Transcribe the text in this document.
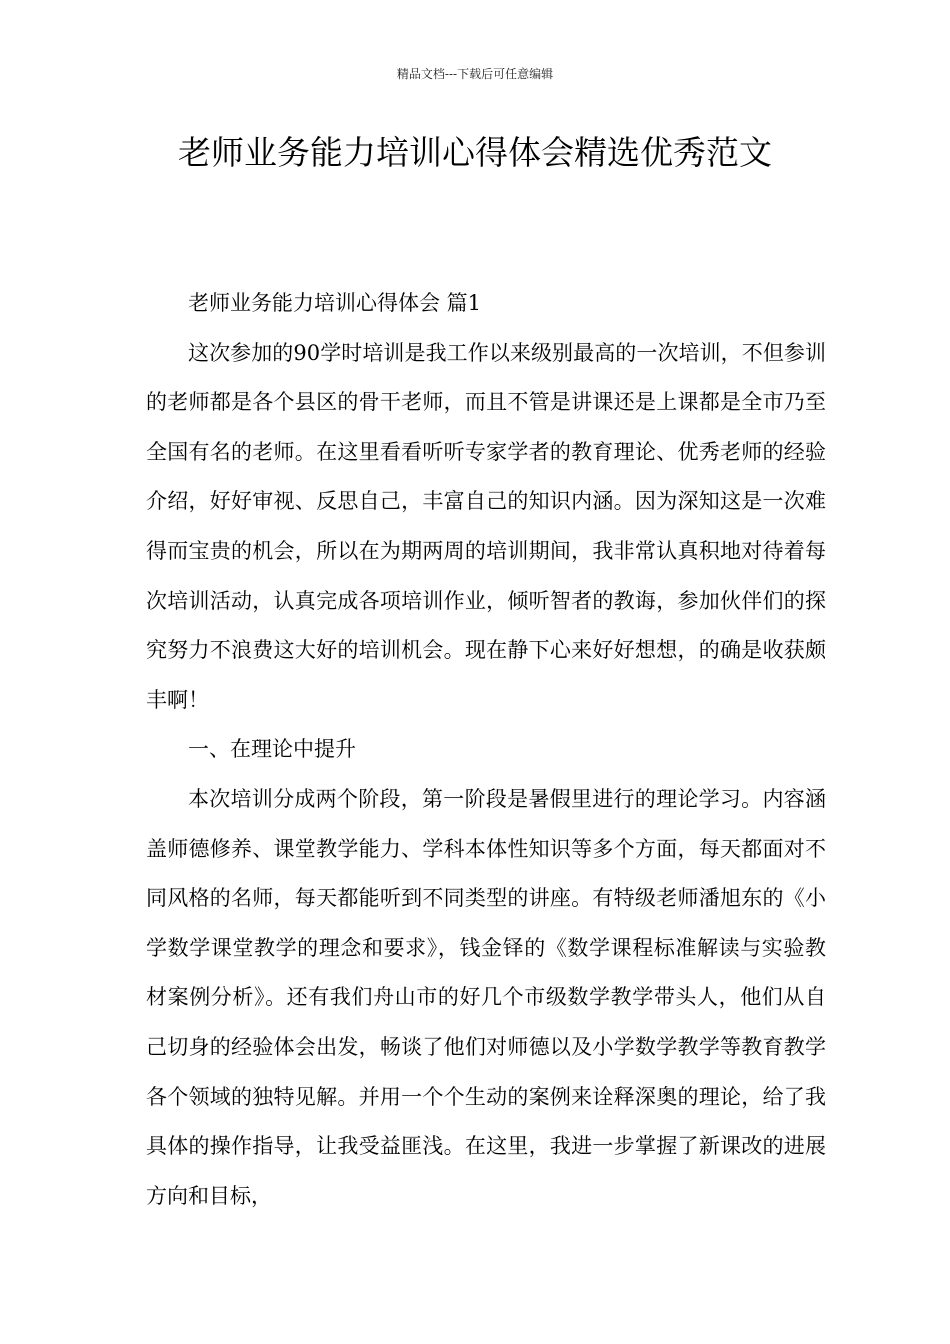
精品文档---下载后可任意编辑
老师业务能力培训心得体会精选优秀范文

老师业务能力培训心得体会 篇1

这次参加的90学时培训是我工作以来级别最高的一次培训，不但参训的老师都是各个县区的骨干老师，而且不管是讲课还是上课都是全市乃至全国有名的老师。在这里看看听听专家学者的教育理论、优秀老师的经验介绍，好好审视、反思自己，丰富自己的知识内涵。因为深知这是一次难得而宝贵的机会，所以在为期两周的培训期间，我非常认真积地对待着每次培训活动，认真完成各项培训作业，倾听智者的教诲，参加伙伴们的探究努力不浪费这大好的培训机会。现在静下心来好好想想，的确是收获颇丰啊！

一、在理论中提升

本次培训分成两个阶段，第一阶段是暑假里进行的理论学习。内容涵盖师德修养、课堂教学能力、学科本体性知识等多个方面，每天都面对不同风格的名师，每天都能听到不同类型的讲座。有特级老师潘旭东的《小学数学课堂教学的理念和要求》，钱金铎的《数学课程标准解读与实验教材案例分析》。还有我们舟山市的好几个市级数学教学带头人，他们从自己切身的经验体会出发，畅谈了他们对师德以及小学数学教学等教育教学各个领域的独特见解。并用一个个生动的案例来诠释深奥的理论，给了我具体的操作指导，让我受益匪浅。在这里，我进一步掌握了新课改的进展方向和目标，
